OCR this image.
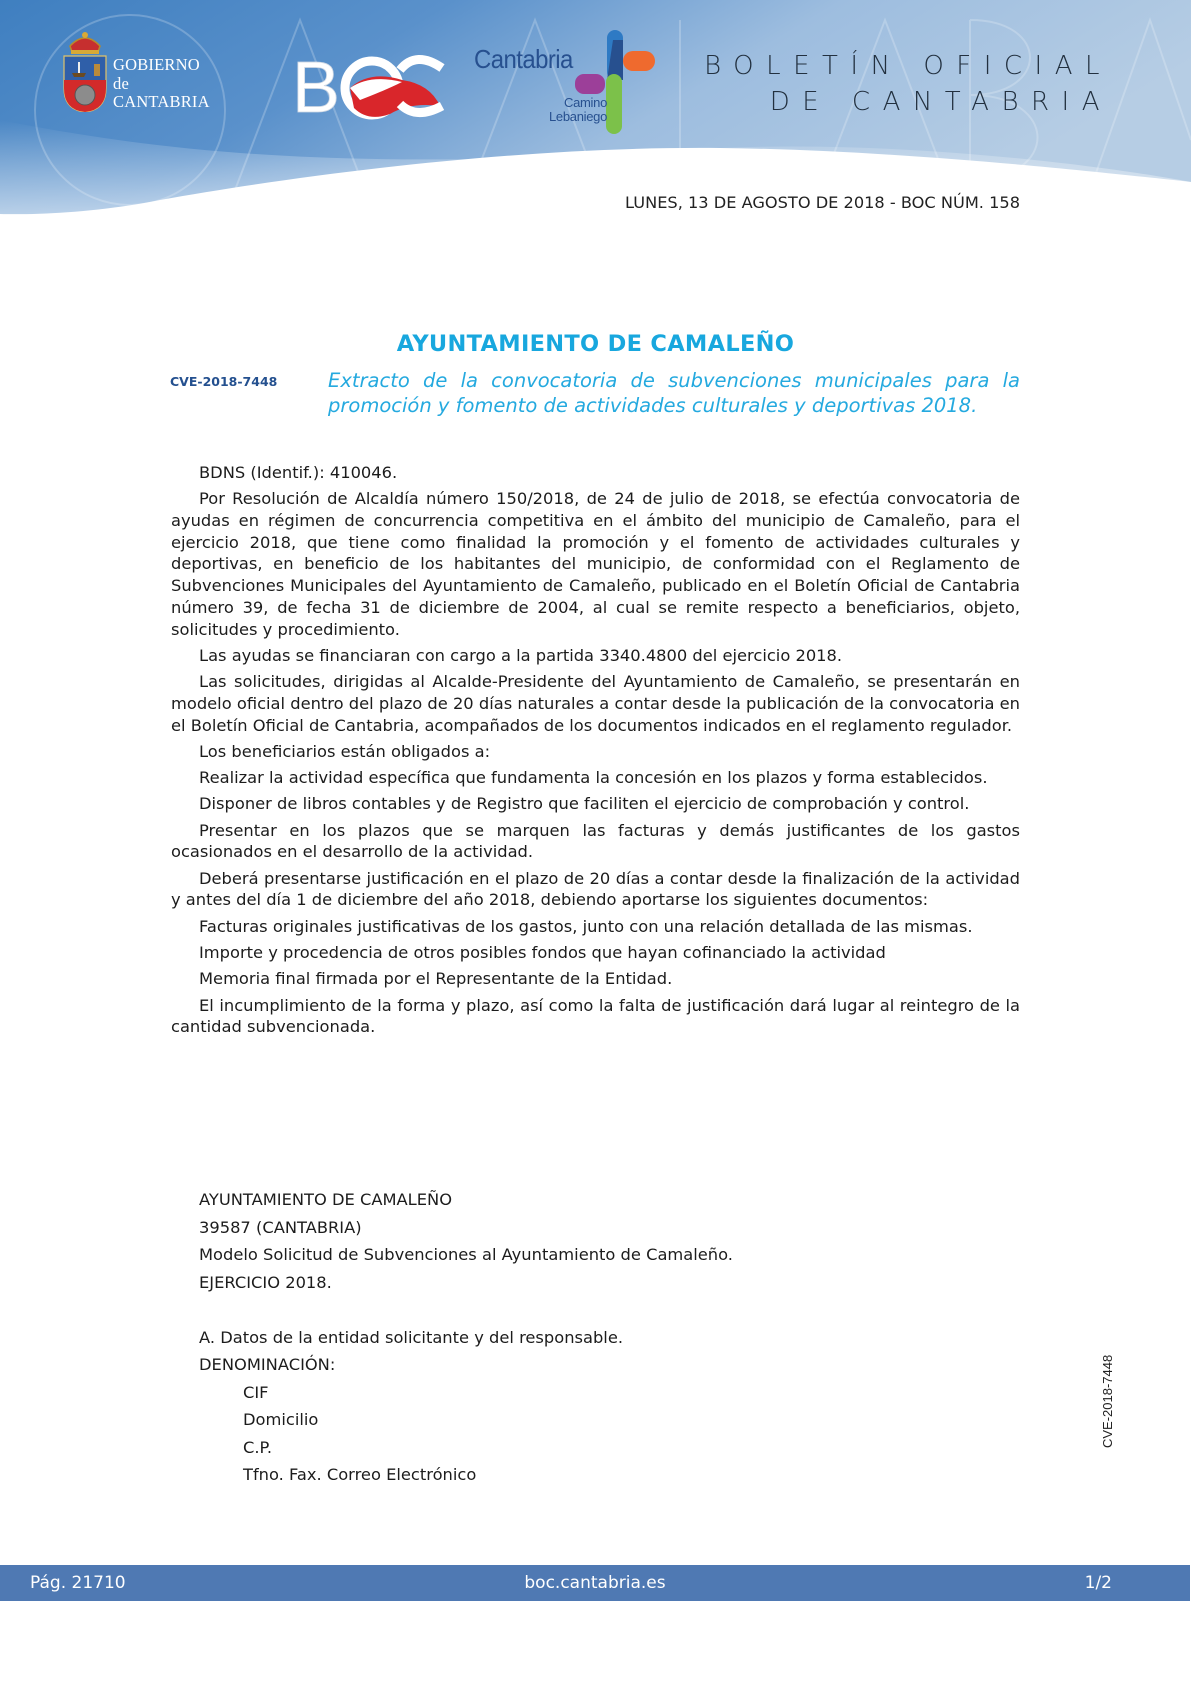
GOBIERNO
de
CANTABRIA B	Cantabria
Camino
Lebaniego
BOLETÍN OFICIAL
DE CANTABRIA
LUNES, 13 DE AGOSTO DE 2018 - BOC NÚM. 158
AYUNTAMIENTO DE CAMALEÑO
CVE-2018-7448	Extracto de la convocatoria de subvenciones municipales para la promoción y fomento de actividades culturales y deportivas 2018.

BDNS (Identif.): 410046.

Por Resolución de Alcaldía número 150/2018, de 24 de julio de 2018, se efectúa convocatoria de ayudas en régimen de concurrencia competitiva en el ámbito del municipio de Camaleño, para el ejercicio 2018, que tiene como finalidad la promoción y el fomento de actividades culturales y deportivas, en beneficio de los habitantes del municipio, de conformidad con el Reglamento de Subvenciones Municipales del Ayuntamiento de Camaleño, publicado en el Boletín Oficial de Cantabria número 39, de fecha 31 de diciembre de 2004, al cual se remite respecto a beneficiarios, objeto, solicitudes y procedimiento.

Las ayudas se financiaran con cargo a la partida 3340.4800 del ejercicio 2018.

Las solicitudes, dirigidas al Alcalde-Presidente del Ayuntamiento de Camaleño, se presentarán en modelo oficial dentro del plazo de 20 días naturales a contar desde la publicación de la convocatoria en el Boletín Oficial de Cantabria, acompañados de los documentos indicados en el reglamento regulador.

Los beneficiarios están obligados a:

Realizar la actividad específica que fundamenta la concesión en los plazos y forma establecidos.

Disponer de libros contables y de Registro que faciliten el ejercicio de comprobación y control.

Presentar en los plazos que se marquen las facturas y demás justificantes de los gastos ocasionados en el desarrollo de la actividad.

Deberá presentarse justificación en el plazo de 20 días a contar desde la finalización de la actividad y antes del día 1 de diciembre del año 2018, debiendo aportarse los siguientes documentos:

Facturas originales justificativas de los gastos, junto con una relación detallada de las mismas.

Importe y procedencia de otros posibles fondos que hayan cofinanciado la actividad

Memoria final firmada por el Representante de la Entidad.

El incumplimiento de la forma y plazo, así como la falta de justificación dará lugar al reintegro de la cantidad subvencionada.

AYUNTAMIENTO DE CAMALEÑO
39587 (CANTABRIA)
Modelo Solicitud de Subvenciones al Ayuntamiento de Camaleño.
EJERCICIO 2018.
A. Datos de la entidad solicitante y del responsable.
DENOMINACIÓN:
CIF
Domicilio
C.P.
Tfno. Fax. Correo Electrónico
CVE-2018-7448
Pág. 21710	boc.cantabria.es	1/2
